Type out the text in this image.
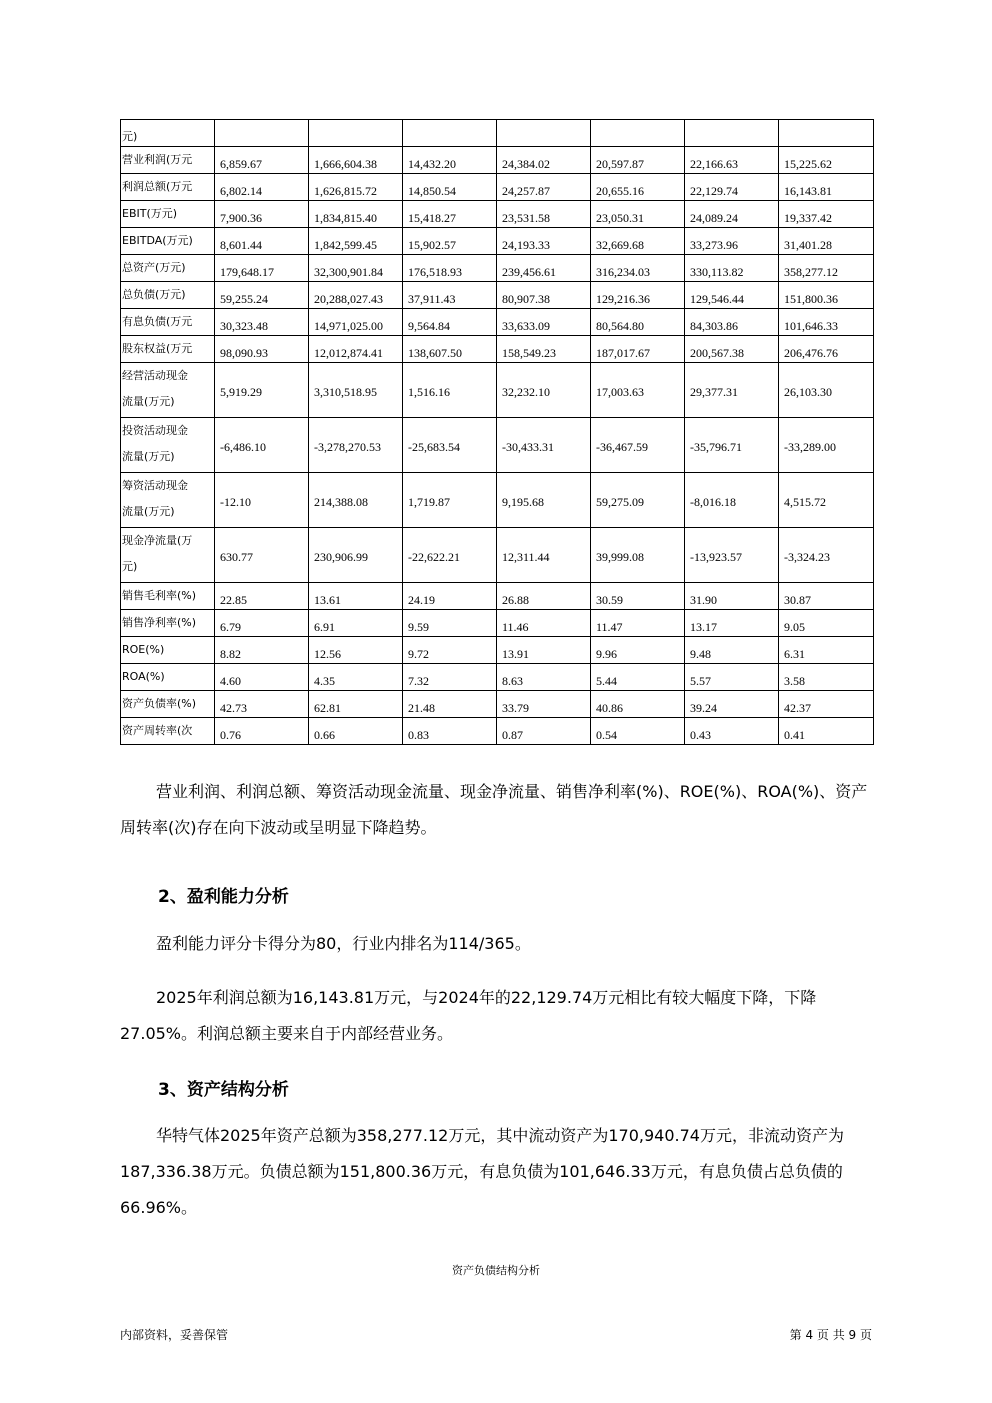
元)							
营业利润(万元	6,859.67	1,666,604.38	14,432.20	24,384.02	20,597.87	22,166.63	15,225.62
利润总额(万元	6,802.14	1,626,815.72	14,850.54	24,257.87	20,655.16	22,129.74	16,143.81
EBIT(万元)	7,900.36	1,834,815.40	15,418.27	23,531.58	23,050.31	24,089.24	19,337.42
EBITDA(万元)	8,601.44	1,842,599.45	15,902.57	24,193.33	32,669.68	33,273.96	31,401.28
总资产(万元)	179,648.17	32,300,901.84	176,518.93	239,456.61	316,234.03	330,113.82	358,277.12
总负债(万元)	59,255.24	20,288,027.43	37,911.43	80,907.38	129,216.36	129,546.44	151,800.36
有息负债(万元	30,323.48	14,971,025.00	9,564.84	33,633.09	80,564.80	84,303.86	101,646.33
股东权益(万元	98,090.93	12,012,874.41	138,607.50	158,549.23	187,017.67	200,567.38	206,476.76

经营活动现金
流量(万元)	5,919.29	3,310,518.95	1,516.16	32,232.10	17,003.63	29,377.31	26,103.30

投资活动现金
流量(万元)	-6,486.10	-3,278,270.53	-25,683.54	-30,433.31	-36,467.59	-35,796.71	-33,289.00

筹资活动现金
流量(万元)	-12.10	214,388.08	1,719.87	9,195.68	59,275.09	-8,016.18	4,515.72

现金净流量(万
元)	630.77	230,906.99	-22,622.21	12,311.44	39,999.08	-13,923.57	-3,324.23
销售毛利率(%)	22.85	13.61	24.19	26.88	30.59	31.90	30.87
销售净利率(%)	6.79	6.91	9.59	11.46	11.47	13.17	9.05
ROE(%)	8.82	12.56	9.72	13.91	9.96	9.48	6.31
ROA(%)	4.60	4.35	7.32	8.63	5.44	5.57	3.58
资产负债率(%)	42.73	62.81	21.48	33.79	40.86	39.24	42.37
资产周转率(次	0.76	0.66	0.83	0.87	0.54	0.43	0.41

营业利润、利润总额、筹资活动现金流量、现金净流量、销售净利率(%)、ROE(%)、ROA(%)、资产周转率(次)存在向下波动或呈明显下降趋势。

2、盈利能力分析

盈利能力评分卡得分为80，行业内排名为114/365。

2025年利润总额为16,143.81万元，与2024年的22,129.74万元相比有较大幅度下降，下降27.05%。利润总额主要来自于内部经营业务。

3、资产结构分析

华特气体2025年资产总额为358,277.12万元，其中流动资产为170,940.74万元，非流动资产为187,336.38万元。负债总额为151,800.36万元，有息负债为101,646.33万元，有息负债占总负债的66.96%。

资产负债结构分析
内部资料，妥善保管	第 4 页 共 9 页
